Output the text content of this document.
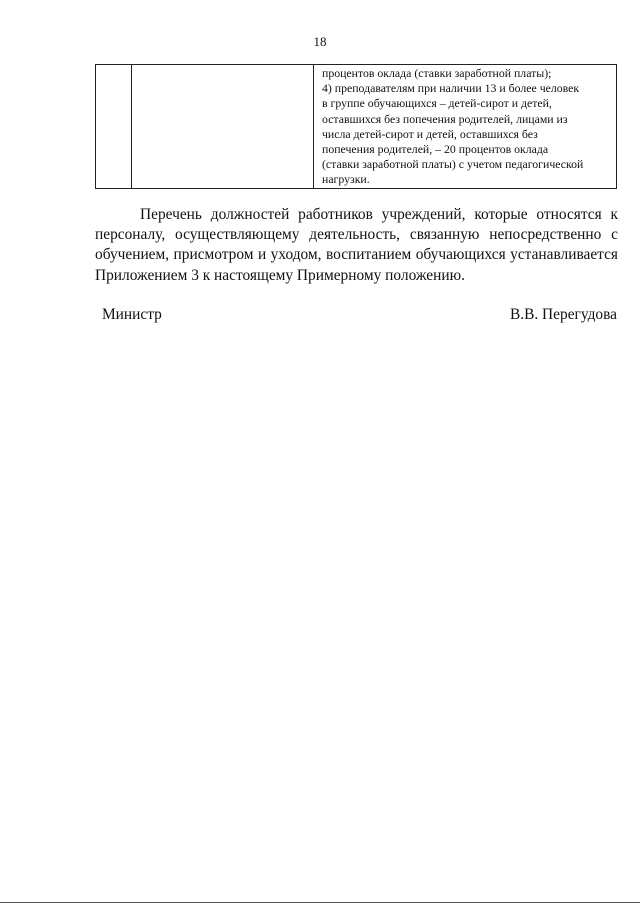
18

процентов оклада (ставки заработной платы);
4) преподавателям при наличии 13 и более человек
в группе обучающихся – детей-сирот и детей,
оставшихся без попечения родителей, лицами из
числа детей-сирот и детей, оставшихся без
попечения родителей, – 20 процентов оклада
(ставки заработной платы) с учетом педагогической
нагрузки.
Перечень должностей работников учреждений, которые относятся к
персоналу, осуществляющему деятельность, связанную непосредственно с
обучением, присмотром и уходом, воспитанием обучающихся устанавливается
Приложением 3 к настоящему Примерному положению.
Министр	В.В. Перегудова
